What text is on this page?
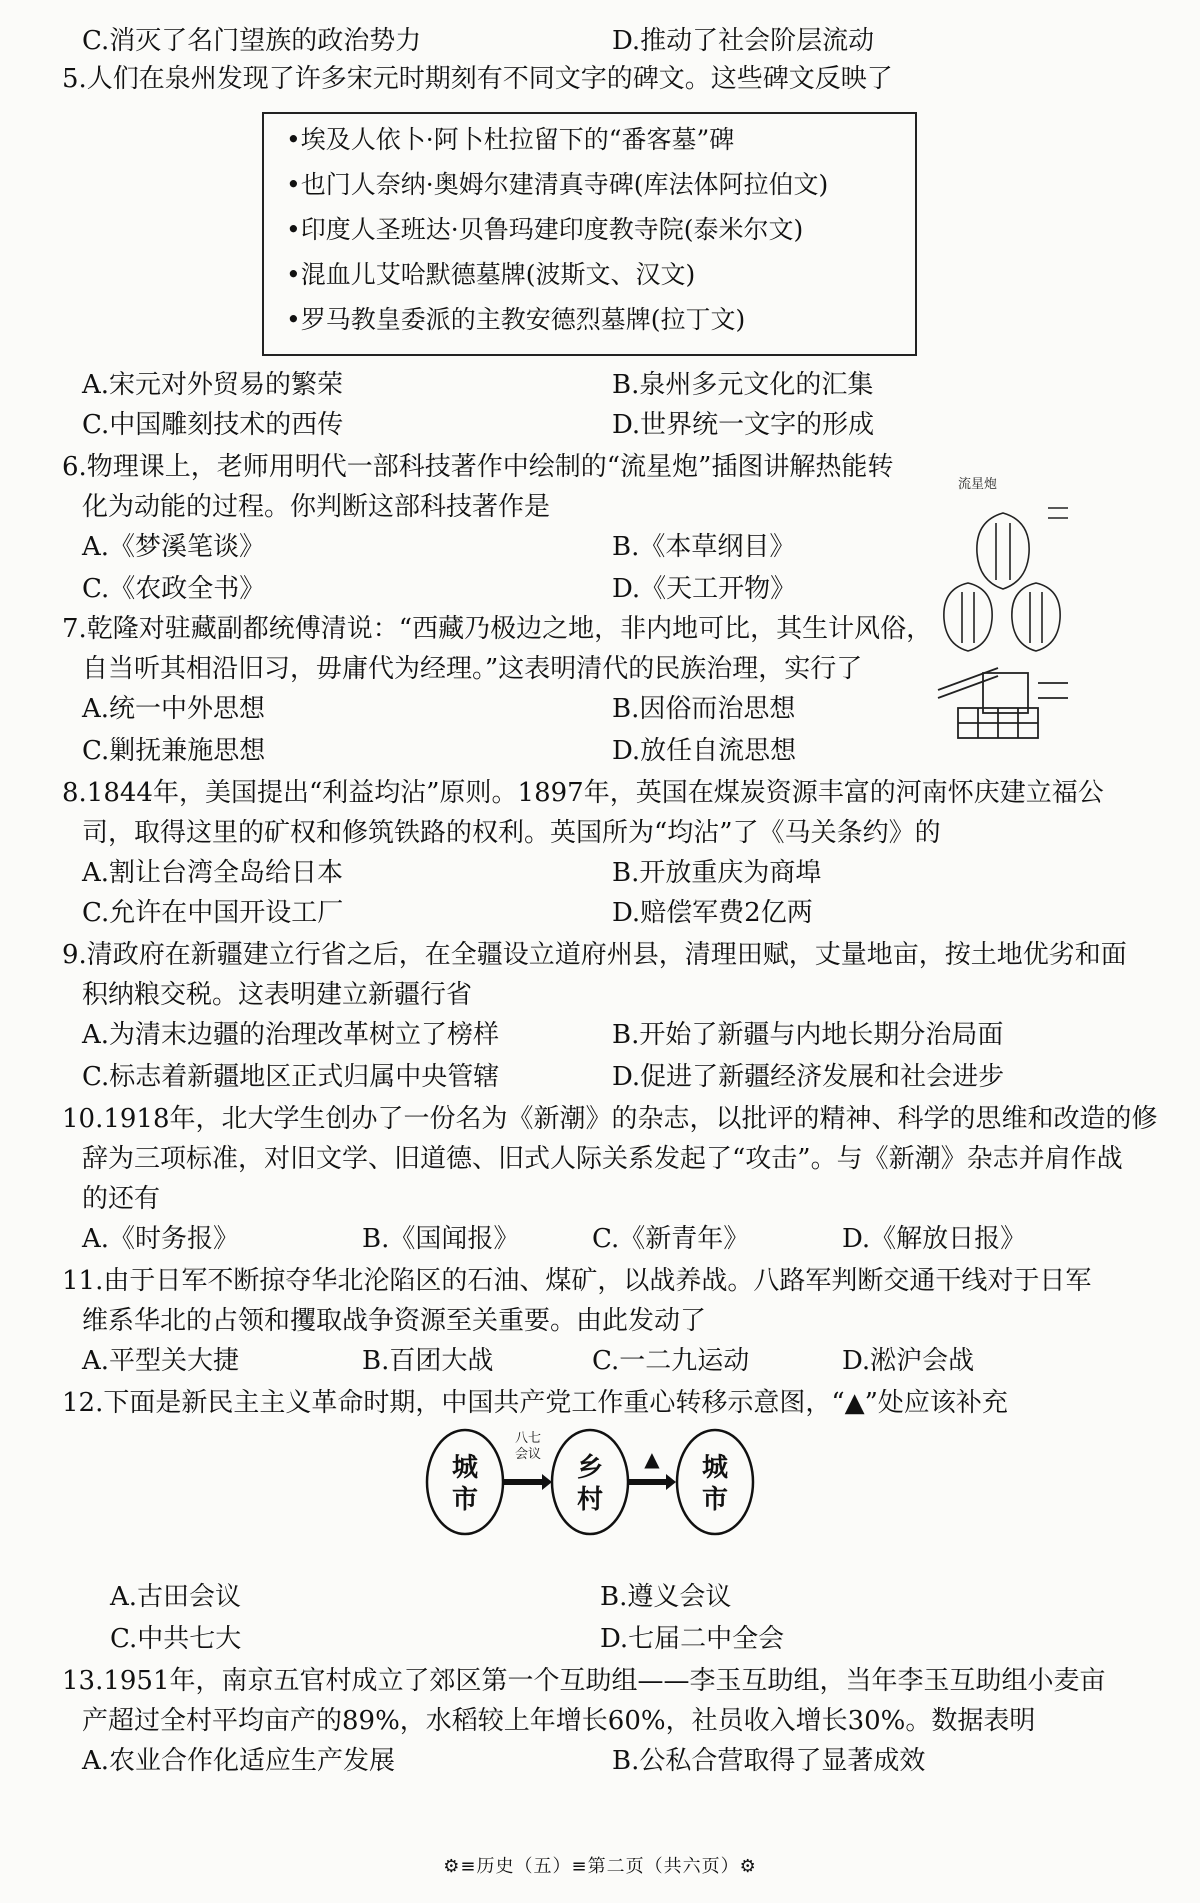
C.消灭了名门望族的政治势力	D.推动了社会阶层流动
5.人们在泉州发现了许多宋元时期刻有不同文字的碑文。这些碑文反映了
•埃及人依卜·阿卜杜拉留下的“番客墓”碑
•也门人奈纳·奥姆尔建清真寺碑(库法体阿拉伯文)
•印度人圣班达·贝鲁玛建印度教寺院(泰米尔文)
•混血儿艾哈默德墓牌(波斯文、汉文)
•罗马教皇委派的主教安德烈墓牌(拉丁文)
A.宋元对外贸易的繁荣	B.泉州多元文化的汇集
C.中国雕刻技术的西传	D.世界统一文字的形成
6.物理课上，老师用明代一部科技著作中绘制的“流星炮”插图讲解热能转
化为动能的过程。你判断这部科技著作是
A.《梦溪笔谈》	B.《本草纲目》
C.《农政全书》	D.《天工开物》
流星炮
7.乾隆对驻藏副都统傅清说：“西藏乃极边之地，非内地可比，其生计风俗，
自当听其相沿旧习，毋庸代为经理。”这表明清代的民族治理，实行了
A.统一中外思想	B.因俗而治思想
C.剿抚兼施思想	D.放任自流思想
8.1844年，美国提出“利益均沾”原则。1897年，英国在煤炭资源丰富的河南怀庆建立福公
司，取得这里的矿权和修筑铁路的权利。英国所为“均沾”了《马关条约》的
A.割让台湾全岛给日本	B.开放重庆为商埠
C.允许在中国开设工厂	D.赔偿军费2亿两
9.清政府在新疆建立行省之后，在全疆设立道府州县，清理田赋，丈量地亩，按土地优劣和面
积纳粮交税。这表明建立新疆行省
A.为清末边疆的治理改革树立了榜样	B.开始了新疆与内地长期分治局面
C.标志着新疆地区正式归属中央管辖	D.促进了新疆经济发展和社会进步
10.1918年，北大学生创办了一份名为《新潮》的杂志，以批评的精神、科学的思维和改造的修
辞为三项标准，对旧文学、旧道德、旧式人际关系发起了“攻击”。与《新潮》杂志并肩作战
的还有
A.《时务报》	B.《国闻报》	C.《新青年》	D.《解放日报》
11.由于日军不断掠夺华北沦陷区的石油、煤矿，以战养战。八路军判断交通干线对于日军
维系华北的占领和攫取战争资源至关重要。由此发动了
A.平型关大捷	B.百团大战	C.一二九运动	D.淞沪会战
12.下面是新民主主义革命时期，中国共产党工作重心转移示意图，“▲”处应该补充
城
市
乡
村
城
市
八七
会议	▲
A.古田会议	B.遵义会议
C.中共七大	D.七届二中全会
13.1951年，南京五官村成立了郊区第一个互助组——李玉互助组，当年李玉互助组小麦亩
产超过全村平均亩产的89%，水稻较上年增长60%，社员收入增长30%。数据表明
A.农业合作化适应生产发展	B.公私合营取得了显著成效
⚙≡历史（五）≡第二页（共六页）⚙
